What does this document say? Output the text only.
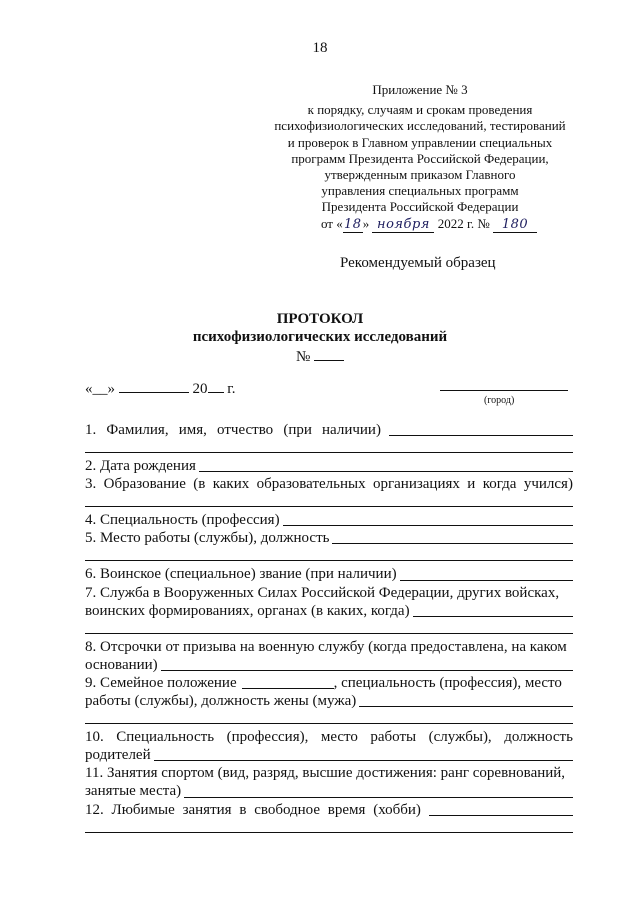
18
Приложение № 3
к порядку, случаям и срокам проведения
психофизиологических исследований, тестирований
и проверок в Главном управлении специальных
программ Президента Российской Федерации,
утвержденным приказом Главного
управления специальных программ
Президента Российской Федерации
от «18» ноября 2022 г. № 180
Рекомендуемый образец
ПРОТОКОЛ
психофизиологических исследований
№
«__»	20 г.
(город)
1. Фамилия, имя, отчество (при наличии)
2. Дата рождения
3. Образование (в каких образовательных организациях и когда учился)
4. Специальность (профессия)
5. Место работы (службы), должность
6. Воинское (специальное) звание (при наличии)
7. Служба в Вооруженных Силах Российской Федерации, других войсках,
воинских формированиях, органах (в каких, когда)
8. Отсрочки от призыва на военную службу (когда предоставлена, на каком
основании)
9. Семейное положение	, специальность (профессия), место
работы (службы), должность жены (мужа)
10. Специальность (профессия), место работы (службы), должность
родителей
11. Занятия спортом (вид, разряд, высшие достижения: ранг соревнований,
занятые места)
12. Любимые занятия в свободное время (хобби)
